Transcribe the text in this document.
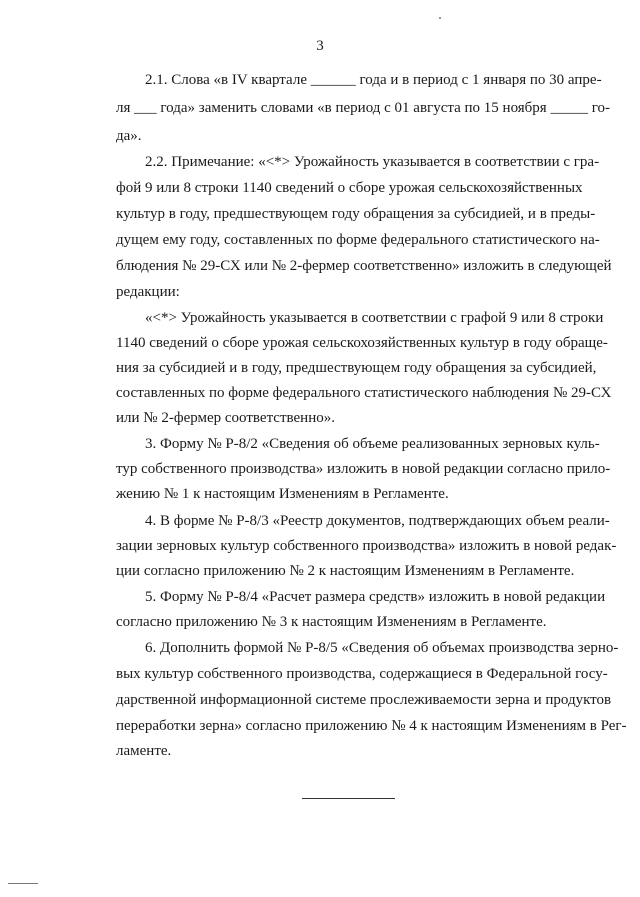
3
2.1. Слова «в IV квартале ______ года и в период с 1 января по 30 апре-
ля ___ года» заменить словами «в период с 01 августа по 15 ноября _____ го-
да».
2.2. Примечание: «<*> Урожайность указывается в соответствии с гра-
фой 9 или 8 строки 1140 сведений о сборе урожая сельскохозяйственных
культур в году, предшествующем году обращения за субсидией, и в преды-
дущем ему году, составленных по форме федерального статистического на-
блюдения № 29-СХ или № 2-фермер соответственно» изложить в следующей
редакции:
«<*> Урожайность указывается в соответствии с графой 9 или 8 строки
1140 сведений о сборе урожая сельскохозяйственных культур в году обраще-
ния за субсидией и в году, предшествующем году обращения за субсидией,
составленных по форме федерального статистического наблюдения № 29-СХ
или № 2-фермер соответственно».
3. Форму № Р-8/2 «Сведения об объеме реализованных зерновых куль-
тур собственного производства» изложить в новой редакции согласно прило-
жению № 1 к настоящим Изменениям в Регламенте.
4. В форме № Р-8/3 «Реестр документов, подтверждающих объем реали-
зации зерновых культур собственного производства» изложить в новой редак-
ции согласно приложению № 2 к настоящим Изменениям в Регламенте.
5. Форму № Р-8/4 «Расчет размера средств» изложить в новой редакции
согласно приложению № 3 к настоящим Изменениям в Регламенте.
6. Дополнить формой № Р-8/5 «Сведения об объемах производства зерно-
вых культур собственного производства, содержащиеся в Федеральной госу-
дарственной информационной системе прослеживаемости зерна и продуктов
переработки зерна» согласно приложению № 4 к настоящим Изменениям в Рег-
ламенте.
